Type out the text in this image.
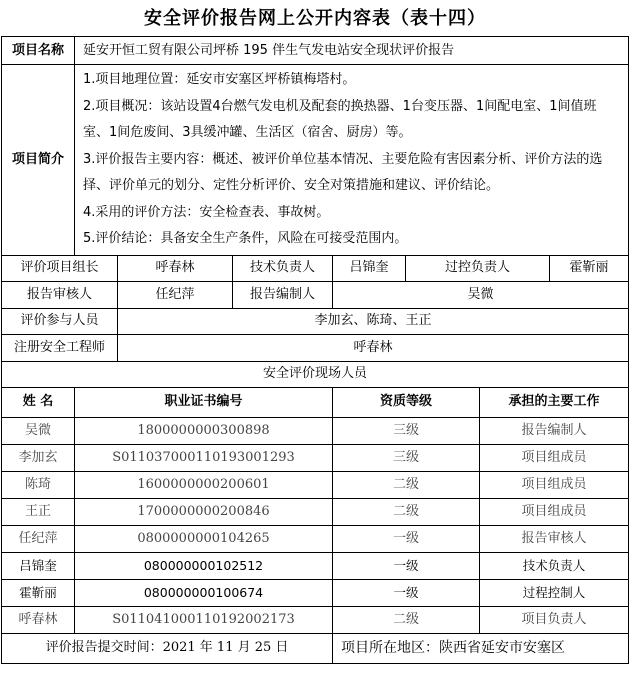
安全评价报告网上公开内容表（表十四）
项目名称	延安开恒工贸有限公司坪桥 195 伴生气发电站安全现状评价报告						
项目简介	1.项目地理位置：延安市安塞区坪桥镇梅塔村。

2.项目概况：该站设置4台燃气发电机及配套的换热器、1台变压器、1间配电室、1间值班室、1间危废间、3具缓冲罐、生活区（宿舍、厨房）等。

3.评价报告主要内容：概述、被评价单位基本情况、主要危险有害因素分析、评价方法的选择、评价单元的划分、定性分析评价、安全对策措施和建议、评价结论。

4.采用的评价方法：安全检查表、事故树。

5.评价结论：具备安全生产条件，风险在可接受范围内。						

评价项目组长		呼春林	技术负责人	吕锦奎	过控负责人		霍靳丽
报告审核人		任纪萍	报告编制人	吴微			
评价参与人员		李加玄、陈琦、王正					
注册安全工程师		呼春林					
安全评价现场人员							
姓 名	职业证书编号			资质等级		承担的主要工作	
吴微	1800000000300898			三级		报告编制人	
李加玄	S011037000110193001293			三级		项目组成员	
陈琦	1600000000200601			二级		项目组成员	
王正	1700000000200846			二级		项目组成员	
任纪萍	0800000000104265			一级		报告审核人	
吕锦奎	080000000102512			一级		技术负责人	
霍靳丽	080000000100674			一级		过程控制人	
呼春林	S011041000110192002173			二级		项目负责人	
评价报告提交时间：2021 年 11 月 25 日				项目所在地区：陕西省延安市安塞区			
